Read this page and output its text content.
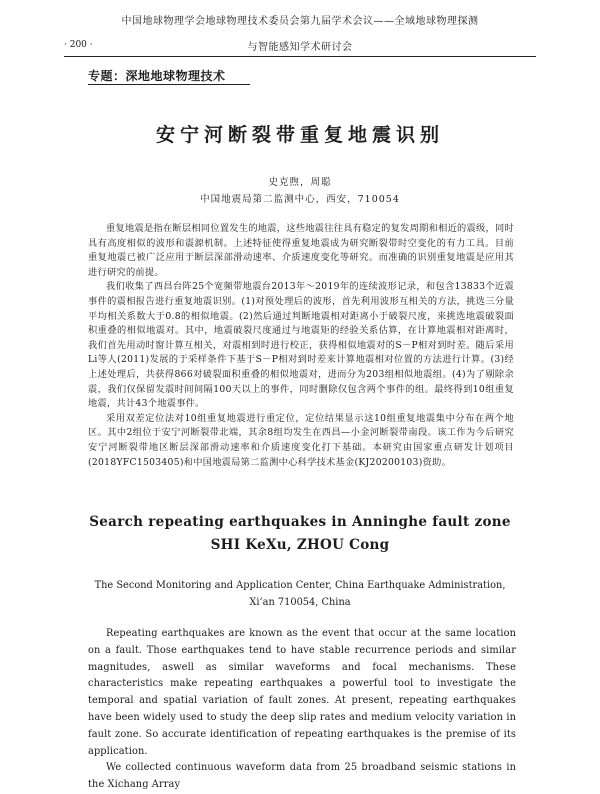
中国地球物理学会地球物理技术委员会第九届学术会议——全域地球物理探测
· 200 ·	与智能感知学术研讨会
专题：深地地球物理技术
安宁河断裂带重复地震识别
史克煦，周聪
中国地震局第二监测中心，西安，710054

重复地震是指在断层相同位置发生的地震，这些地震往往具有稳定的复发周期和相近的震级，同时具有高度相似的波形和震源机制。上述特征使得重复地震成为研究断裂带时空变化的有力工具。目前重复地震已被广泛应用于断层深部滑动速率、介质速度变化等研究。而准确的识别重复地震是应用其进行研究的前提。

我们收集了西昌台阵25个宽频带地震台2013年～2019年的连续波形记录，和包含13833个近震事件的震相报告进行重复地震识别。(1)对预处理后的波形，首先利用波形互相关的方法，挑选三分量平均相关系数大于0.8的相似地震。(2)然后通过判断地震相对距离小于破裂尺度，来挑选地震破裂面积重叠的相似地震对。其中，地震破裂尺度通过与地震矩的经验关系估算，在计算地震相对距离时，我们首先用动时窗计算互相关，对震相到时进行校正，获得相似地震对的S－P相对到时差。随后采用Li等人(2011)发展的于采样条件下基于S－P相对到时差来计算地震相对位置的方法进行计算。(3)经上述处理后，共获得866对破裂面积重叠的相似地震对，进而分为203组相似地震组。(4)为了剔除余震，我们仅保留发震时间间隔100天以上的事件，同时删除仅包含两个事件的组。最终得到10组重复地震，共计43个地震事件。

采用双差定位法对10组重复地震进行重定位，定位结果显示这10组重复地震集中分布在两个地区。其中2组位于安宁河断裂带北端，其余8组均发生在西昌—小金河断裂带南段。该工作为今后研究安宁河断裂带地区断层深部滑动速率和介质速度变化打下基础。本研究由国家重点研发计划项目(2018YFC1503405)和中国地震局第二监测中心科学技术基金(KJ20200103)资助。

Search repeating earthquakes in Anninghe fault zone
SHI KeXu, ZHOU Cong
The Second Monitoring and Application Center, China Earthquake Administration,
Xi’an 710054, China

Repeating earthquakes are known as the event that occur at the same location on a fault. Those earthquakes tend to have stable recurrence periods and similar magnitudes, aswell as similar waveforms and focal mechanisms. These characteristics make repeating earthquakes a powerful tool to investigate the temporal and spatial variation of fault zones. At present, repeating earthquakes have been widely used to study the deep slip rates and medium velocity variation in fault zone. So accurate identification of repeating earthquakes is the premise of its application.

We collected continuous waveform data from 25 broadband seismic stations in the Xichang Array
